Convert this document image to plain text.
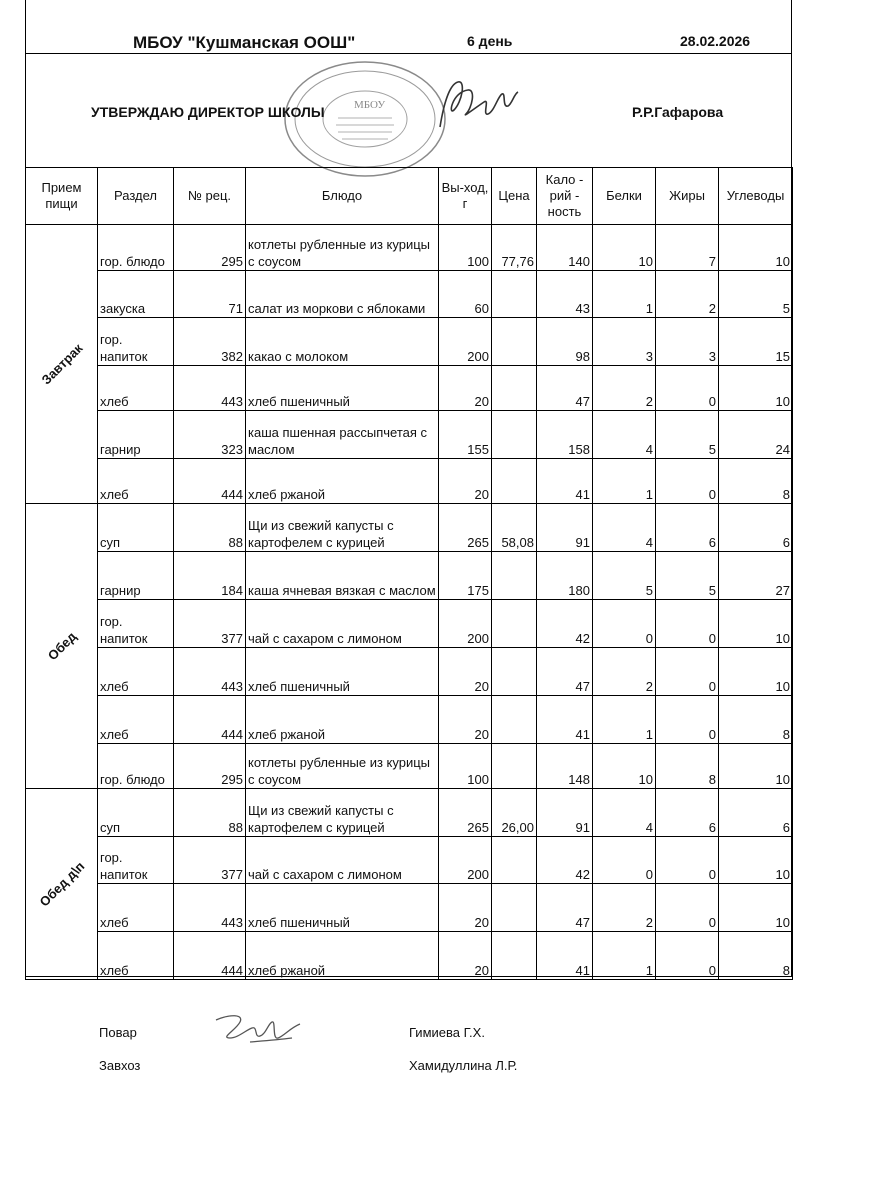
МБОУ "Кушманская ООШ"	6 день	28.02.2026
МБОУ
УТВЕРЖДАЮ ДИРЕКТОР ШКОЛЫ	Р.Р.Гафарова
Прием пищи	Раздел	№ рец.	Блюдо	Вы-ход, г	Цена	Кало - рий - ность	Белки	Жиры	Углеводы

Завтрак	гор. блюдо	295	котлеты рубленные из курицы с соусом	100	77,76	140	10	7	10
	закуска	71	салат из моркови с яблоками	60		43	1	2	5
	гор. напиток	382	какао с молоком	200		98	3	3	15
	хлеб	443	хлеб пшеничный	20		47	2	0	10
	гарнир	323	каша пшенная рассыпчетая с маслом	155		158	4	5	24
	хлеб	444	хлеб ржаной	20		41	1	0	8

Обед	суп	88	Щи из свежий капусты с картофелем с курицей	265	58,08	91	4	6	6
	гарнир	184	каша ячневая вязкая с маслом	175		180	5	5	27
	гор. напиток	377	чай с сахаром с лимоном	200		42	0	0	10
	хлеб	443	хлеб пшеничный	20		47	2	0	10
	хлеб	444	хлеб ржаной	20		41	1	0	8
	гор. блюдо	295	котлеты рубленные из курицы с соусом	100		148	10	8	10

Обед д\п	суп	88	Щи из свежий капусты с картофелем с курицей	265	26,00	91	4	6	6
	гор. напиток	377	чай с сахаром с лимоном	200		42	0	0	10
	хлеб	443	хлеб пшеничный	20		47	2	0	10
	хлеб	444	хлеб ржаной	20		41	1	0	8
Повар	Гимиева Г.Х.
Завхоз	Хамидуллина Л.Р.
